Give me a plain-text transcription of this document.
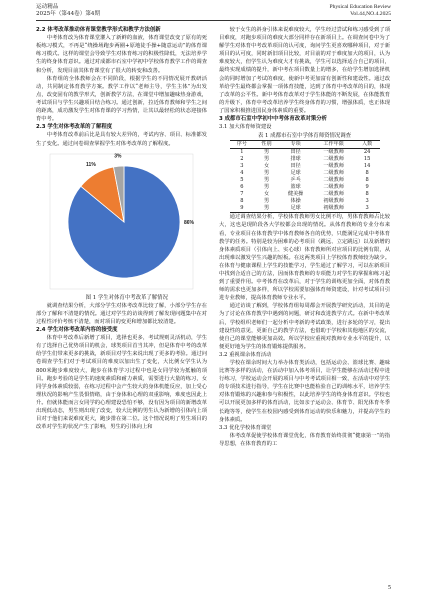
运动精品
2025年（第44卷）第4期
Physical Education Review
Vol.44,NO.4.2025
2.2 体考改革推动体育课堂教学形式和教学方法创新

中考体育改为体育课堂灌入了新鲜的血液，体育课堂改变了原有的死板练习模式，不再是“绕操场跑步两圈+原地徒手操+随意运动”的体育课练习模式。这样的课堂会导致学生对体育练习的积极性降低，无法培养学生的终身体育意识。通过对成都市石室中学初中学校体育教学工作的调查和分析，发现目前其体育课堂有了很大的转变和改善。

体育组的全体教师会在不同阶段，根据学生的不同情况展开教研活动，共同制定体育教学方案。教学工作以“老师主导，学生主体”为出发点，改变固有的教学形式，创新教学方法，在课堂中增加趣味热身游戏，考试项目与学生兴趣项目结合练习。通过创新，拉近体育教师和学生之间的距离，成功激发学生对体育课的学习热情，让其以最轻松的状态迎接体育中考。

2.3 学生对体考改革的了解程度

中考体育改革前后比是具有较大差异的，考试内容、项目、标准都发生了变化。通过问卷调查掌握学生对体考改革的了解程度。

86%
11%
3%

图 1 学生对体育中考改革了解情况

就调查结果分析，大部分学生对体考改革比较了解，小部分学生存在部分了解和不清楚的情况。通过对学生的访谈得到了解发现问题集中在对过程性评价考核不清楚，而对项目的变更和增加都比较清楚。

2.4 学生对体考改革内容的接受度

体育中考改革后新增了项目，选择也更多，考试规则灵活机动，学生有了选择自己优势项目的机会，球类项目首当其冲，但是体育中考的改革给学生们带来更多的挑战，新项目对学生来说出现了更多的考验。通过问卷调查学生们对于考试项目的难度以加出生了变化，大比例女学生认为800米跑步难度较大，跑步在体育学习过程中也是女同学较为抵触的项目。跑步考验的是学生的速度素质和耐力素质，需要进行大量的练习，女同学身体素质较弱，在练习过程中会产生较大的身体机能反应，加上受心理状况的影响产生畏惧情绪，由于身体和心理的双重影响，难度也因此上升。但就体能而言女同学的心理建设恐怕不够，没有因为项目的新增改革出现低动态，男生则出现了改变，较大比例的男生认为新增的引体向上项目对于他们来说难度更大，跑步排在第二位。这个情况说明了男生项目的改革对学生的状况产生了影响，男生的引体向上和

较于女生的斜身引体来说难度较大，学生经过尝试和练习感受到了项目难度，对跑步项目的难度大部分同样存在新项目上。在调查问卷中为了解学生对体育中考改革项目的认可度，询问学生更喜欢哪种项目，对于新项目的认可度，同时新旧项目比较，对目前的对于难度加大的项目，认为难度较大，但学生认为难度大才有挑战，学生可以选择适合自己的项目，最终实现成绩的提升，新中考在项目数量上的增多，在给学生增加选择机会的同时增加了考试的难度，使新中考更加富有创新性和建设性。通过改革给学生最终都会掌握一项体育技能，达到了体育中考改革的目的，体现了改革的公平性。新中考体育改革对于学生体能的不断发展，在体能教育的升级下，体育中考改革培养学生终身体育的习惯，增强体质，也正体现了国家积极推进国民身体素质的重要。

3 成都市石室中学初中中考体育改革对策分析
3.1 加大体育师资建设
表 1 成都市石室中学体育师资情况调查
序号	性别	专项	工作年限	人数
1	男	田径	一级教师	24
2	男	排球	二级教师	15
3	女	田径	一级教师	14
4	男	足球	二级教师	8
5	男	乒乓	二级教师	8
6	男	篮球	二级教师	9
7	女	健美操	二级教师	8
8	男	体操	初级教师	3
9	男	足球	初级教师	3

通过调查结果分析，学校体育教师男女比例不均，男体育教师占比较大，这也是现阶段各大学校都会出现的情况。从体育教师的专业分布来看，专业项目在体育教学中体育教师各自的优势，只能满足完成中考体育教学的任务。特别是较为困难的必考项目（跳远、立定跳远）以及新增的身体素质项目（引体向上、实心球）体育教师所对应项目的比例有限，从出现难以激发学生兴趣的短板。在这两类项目上学校体育教师较为缺少。在体育与健康课程上学生的技能学习，学生通过了解学习，可以在新项目中找到合适自己的方法，因而体育教师的专项能力对学生的掌握和练习起到了重要作用。中考体育在改革后，对于学生的训练更加全面，对体育教师的需求也更加多样，所以学校需要加强体育师资建设，针对考试项目引进专业教师，提高体育教师专业水平。

通过访谈了解到，学校体育组每周都会开展教学研究活动，其目的是为了讨论在体育教学中遇到的问题，研讨和改进教学方式。在新中考改革后，学校组织老师们一起分析中考新的考试政策，进行多轮的学习，提出建设性的意见，更新自己的教学方法，也借助于学校和其他地区的交流，使自己的课堂能够更加高效。所以学校应重视对教师专业水平的提升，以便更好地为学生的体育锻炼提供服务。

3.2 重视课余体育活动

学校在课余时间大力举办体育类活动，包括运动会、篮球比赛、趣味比赛等多样的活动，在活动中加入体考项目，让学生能够在活动过程中进行练习，学校运动会开展的项目与中考考试项目相一致，在活动中对学生的专项技术进行指导，学生在比赛中也能检验自己的训练水平，培养学生对体育锻炼的兴趣和参与积极性，以此培养学生的终身体育意识。学校也可以开展更加多样的体育活动，比如亲子运动会、体育节、阳光体育冬季长跑等等，使学生在校园内感受到体育运动的快乐和魅力，并提高学生的身体素质。

3.3 优化学校体育课堂

体考改革促使学校体育课堂优化，体育教育始终贯彻“健康第一”的指导思想，在体育教育的工

5
